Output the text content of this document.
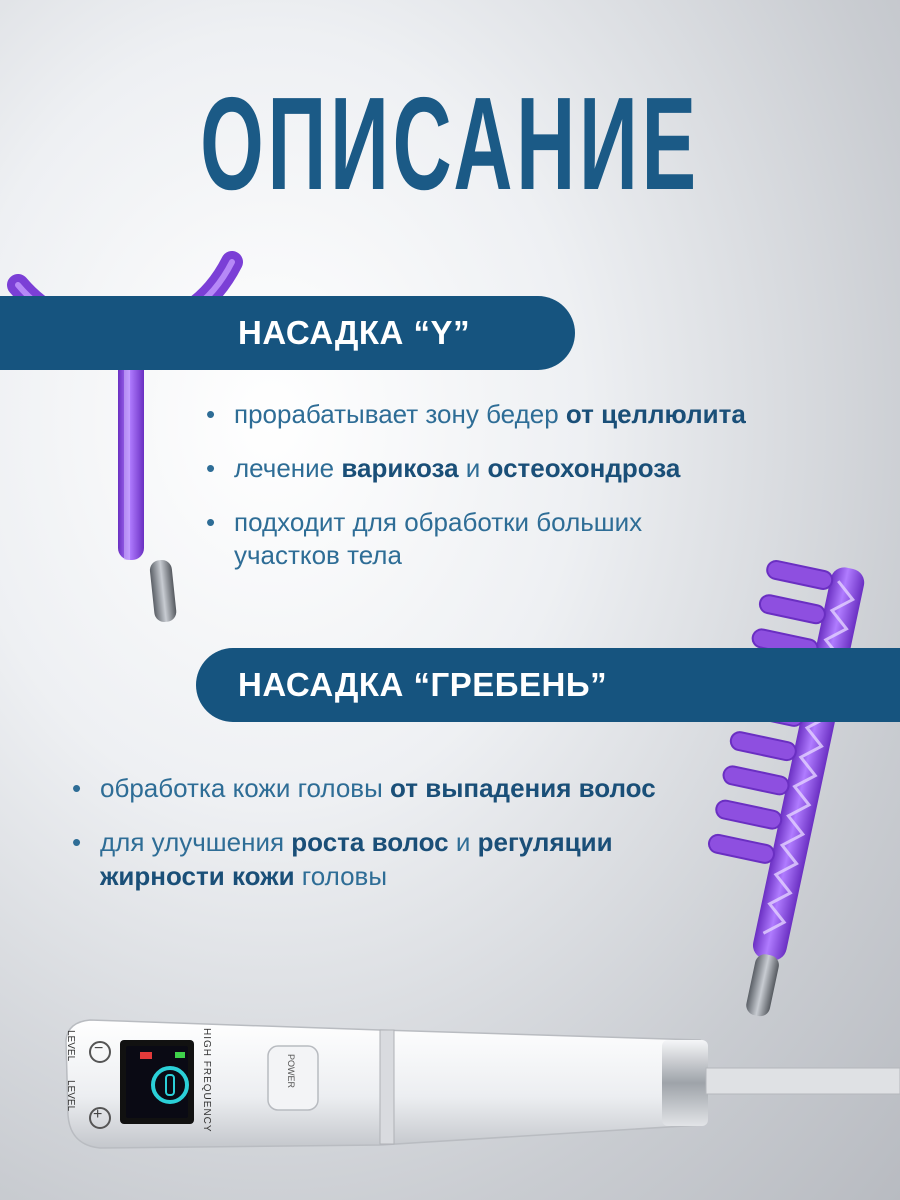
ОПИСАНИЕ
HIGH FREQUENCY
LEVEL
LEVEL
POWER
−
+
НАСАДКА “Y”
• прорабатывает зону бедер от целлюлита
• лечение варикоза и остеохондроза
• подходит для обработки больших участков тела
НАСАДКА “ГРЕБЕНЬ”
• обработка кожи головы от выпадения волос
• для улучшения роста волос и регуляции жирности кожи головы
